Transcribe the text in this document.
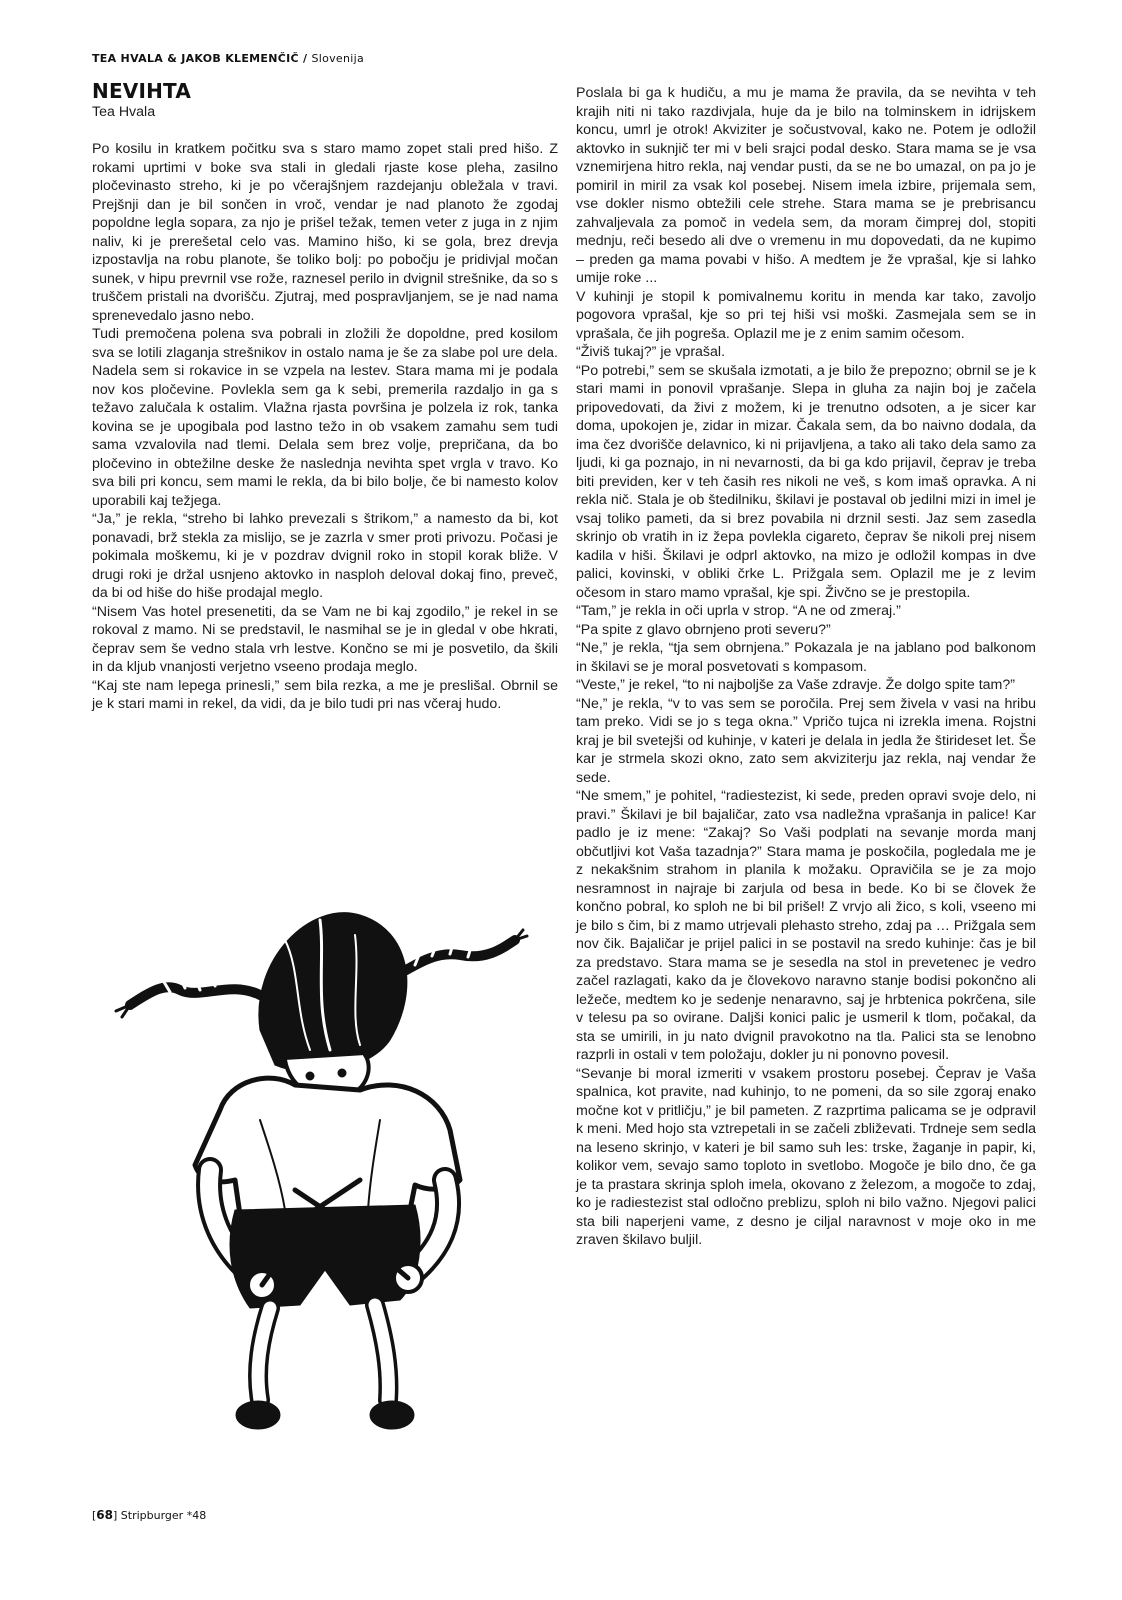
TEA HVALA & JAKOB KLEMENČIČ / Slovenija
NEVIHTA
Tea Hvala

Po kosilu in kratkem počitku sva s staro mamo zopet stali pred hišo. Z rokami uprtimi v boke sva stali in gledali rjaste kose pleha, zasilno pločevinasto streho, ki je po včerajšnjem razdejanju obležala v travi. Prejšnji dan je bil sončen in vroč, vendar je nad planoto že zgodaj popoldne legla sopara, za njo je prišel težak, temen veter z juga in z njim naliv, ki je prerešetal celo vas. Mamino hišo, ki se gola, brez drevja izpostavlja na robu planote, še toliko bolj: po pobočju je pridivjal močan sunek, v hipu prevrnil vse rože, raznesel perilo in dvignil strešnike, da so s truščem pristali na dvorišču. Zjutraj, med pospravljanjem, se je nad nama sprenevedalo jasno nebo.

Tudi premočena polena sva pobrali in zložili že dopoldne, pred kosilom sva se lotili zlaganja strešnikov in ostalo nama je še za slabe pol ure dela. Nadela sem si rokavice in se vzpela na lestev. Stara mama mi je podala nov kos pločevine. Povlekla sem ga k sebi, premerila razdaljo in ga s težavo zalučala k ostalim. Vlažna rjasta površina je polzela iz rok, tanka kovina se je upogibala pod lastno težo in ob vsakem zamahu sem tudi sama vzvalovila nad tlemi. Delala sem brez volje, prepričana, da bo pločevino in obtežilne deske že naslednja nevihta spet vrgla v travo. Ko sva bili pri koncu, sem mami le rekla, da bi bilo bolje, če bi namesto kolov uporabili kaj težjega.

“Ja,” je rekla, “streho bi lahko prevezali s štrikom,” a namesto da bi, kot ponavadi, brž stekla za mislijo, se je zazrla v smer proti privozu. Počasi je pokimala moškemu, ki je v pozdrav dvignil roko in stopil korak bliže. V drugi roki je držal usnjeno aktovko in nasploh deloval dokaj fino, preveč, da bi od hiše do hiše prodajal meglo.

“Nisem Vas hotel presenetiti, da se Vam ne bi kaj zgodilo,” je rekel in se rokoval z mamo. Ni se predstavil, le nasmihal se je in gledal v obe hkrati, čeprav sem še vedno stala vrh lestve. Končno se mi je posvetilo, da škili in da kljub vnanjosti verjetno vseeno prodaja meglo.

“Kaj ste nam lepega prinesli,” sem bila rezka, a me je preslišal. Obrnil se je k stari mami in rekel, da vidi, da je bilo tudi pri nas včeraj hudo.

Poslala bi ga k hudiču, a mu je mama že pravila, da se nevihta v teh krajih niti ni tako razdivjala, huje da je bilo na tolminskem in idrijskem koncu, umrl je otrok! Akviziter je sočustvoval, kako ne. Potem je odložil aktovko in suknjič ter mi v beli srajci podal desko. Stara mama se je vsa vznemirjena hitro rekla, naj vendar pusti, da se ne bo umazal, on pa jo je pomiril in miril za vsak kol posebej. Nisem imela izbire, prijemala sem, vse dokler nismo obtežili cele strehe. Stara mama se je prebrisancu zahvaljevala za pomoč in vedela sem, da moram čimprej dol, stopiti mednju, reči besedo ali dve o vremenu in mu dopovedati, da ne kupimo – preden ga mama povabi v hišo. A medtem je že vprašal, kje si lahko umije roke ...

V kuhinji je stopil k pomivalnemu koritu in menda kar tako, zavoljo pogovora vprašal, kje so pri tej hiši vsi moški. Zasmejala sem se in vprašala, če jih pogreša. Oplazil me je z enim samim očesom.

“Živiš tukaj?” je vprašal.

“Po potrebi,” sem se skušala izmotati, a je bilo že prepozno; obrnil se je k stari mami in ponovil vprašanje. Slepa in gluha za najin boj je začela pripovedovati, da živi z možem, ki je trenutno odsoten, a je sicer kar doma, upokojen je, zidar in mizar. Čakala sem, da bo naivno dodala, da ima čez dvorišče delavnico, ki ni prijavljena, a tako ali tako dela samo za ljudi, ki ga poznajo, in ni nevarnosti, da bi ga kdo prijavil, čeprav je treba biti previden, ker v teh časih res nikoli ne veš, s kom imaš opravka. A ni rekla nič. Stala je ob štedilniku, škilavi je postaval ob jedilni mizi in imel je vsaj toliko pameti, da si brez povabila ni drznil sesti. Jaz sem zasedla skrinjo ob vratih in iz žepa povlekla cigareto, čeprav še nikoli prej nisem kadila v hiši. Škilavi je odprl aktovko, na mizo je odložil kompas in dve palici, kovinski, v obliki črke L. Prižgala sem. Oplazil me je z levim očesom in staro mamo vprašal, kje spi. Živčno se je prestopila.

“Tam,” je rekla in oči uprla v strop. “A ne od zmeraj.”

“Pa spite z glavo obrnjeno proti severu?”

“Ne,” je rekla, “tja sem obrnjena.” Pokazala je na jablano pod balkonom in škilavi se je moral posvetovati s kompasom.

“Veste,” je rekel, “to ni najboljše za Vaše zdravje. Že dolgo spite tam?”

“Ne,” je rekla, “v to vas sem se poročila. Prej sem živela v vasi na hribu tam preko. Vidi se jo s tega okna.” Vpričo tujca ni izrekla imena. Rojstni kraj je bil svetejši od kuhinje, v kateri je delala in jedla že štirideset let. Še kar je strmela skozi okno, zato sem akviziterju jaz rekla, naj vendar že sede.

“Ne smem,” je pohitel, “radiestezist, ki sede, preden opravi svoje delo, ni pravi.” Škilavi je bil bajaličar, zato vsa nadležna vprašanja in palice! Kar padlo je iz mene: “Zakaj? So Vaši podplati na sevanje morda manj občutljivi kot Vaša tazadnja?” Stara mama je poskočila, pogledala me je z nekakšnim strahom in planila k možaku. Opravičila se je za mojo nesramnost in najraje bi zarjula od besa in bede. Ko bi se človek že končno pobral, ko sploh ne bi bil prišel! Z vrvjo ali žico, s koli, vseeno mi je bilo s čim, bi z mamo utrjevali plehasto streho, zdaj pa … Prižgala sem nov čik. Bajaličar je prijel palici in se postavil na sredo kuhinje: čas je bil za predstavo. Stara mama se je sesedla na stol in prevetenec je vedro začel razlagati, kako da je človekovo naravno stanje bodisi pokončno ali ležeče, medtem ko je sedenje nenaravno, saj je hrbtenica pokrčena, sile v telesu pa so ovirane. Daljši konici palic je usmeril k tlom, počakal, da sta se umirili, in ju nato dvignil pravokotno na tla. Palici sta se lenobno razprli in ostali v tem položaju, dokler ju ni ponovno povesil.

“Sevanje bi moral izmeriti v vsakem prostoru posebej. Čeprav je Vaša spalnica, kot pravite, nad kuhinjo, to ne pomeni, da so sile zgoraj enako močne kot v pritličju,” je bil pameten. Z razprtima palicama se je odpravil k meni. Med hojo sta vztrepetali in se začeli zbliževati. Trdneje sem sedla na leseno skrinjo, v kateri je bil samo suh les: trske, žaganje in papir, ki, kolikor vem, sevajo samo toploto in svetlobo. Mogoče je bilo dno, če ga je ta prastara skrinja sploh imela, okovano z železom, a mogoče to zdaj, ko je radiestezist stal odločno preblizu, sploh ni bilo važno. Njegovi palici sta bili naperjeni vame, z desno je ciljal naravnost v moje oko in me zraven škilavo buljil.

[68] Stripburger *48
